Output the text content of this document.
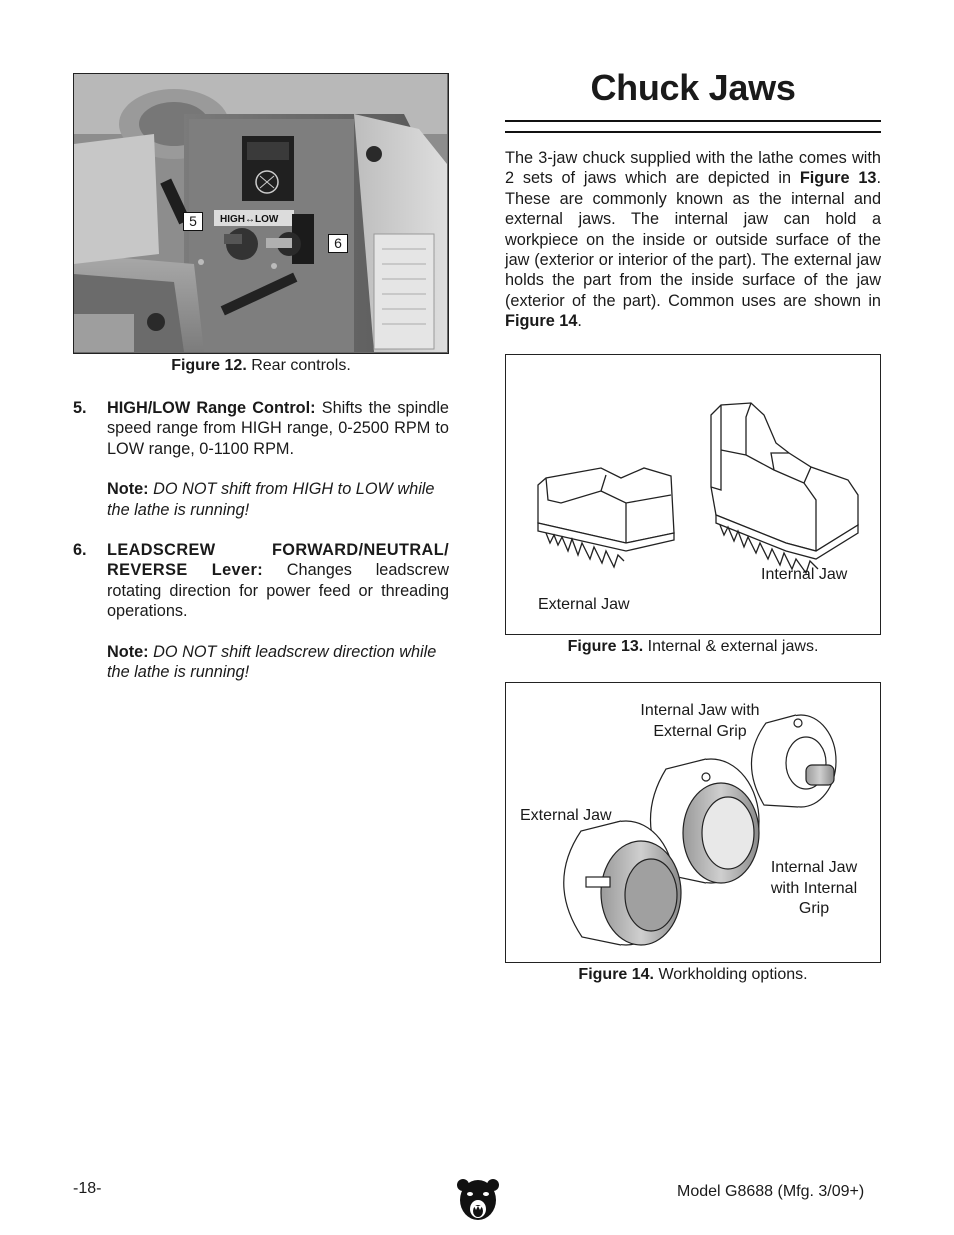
HIGH↔LOW
5
6
Figure 12. Rear controls.
5. HIGH/LOW Range Control: Shifts the spindle speed range from HIGH range, 0-2500 RPM to LOW range, 0-1100 RPM.
Note: DO NOT shift from HIGH to LOW while the lathe is running!
6. LEADSCREW FORWARD/NEUTRAL/ REVERSE Lever: Changes leadscrew rotating direction for power feed or threading operations.
Note: DO NOT shift leadscrew direction while the lathe is running!
Chuck Jaws
The 3-jaw chuck supplied with the lathe comes with 2 sets of jaws which are depicted in Figure 13. These are commonly known as the internal and external jaws. The internal jaw can hold a workpiece on the inside or outside surface of the jaw (exterior or interior of the part). The external jaw holds the part from the inside surface of the jaw (exterior of the part). Common uses are shown in Figure 14.
Internal Jaw
External Jaw
Figure 13. Internal & external jaws.
Internal Jaw with
External Grip
External Jaw
Internal Jaw
with Internal
Grip
Figure 14. Workholding options.
-18-	Model G8688 (Mfg. 3/09+)
